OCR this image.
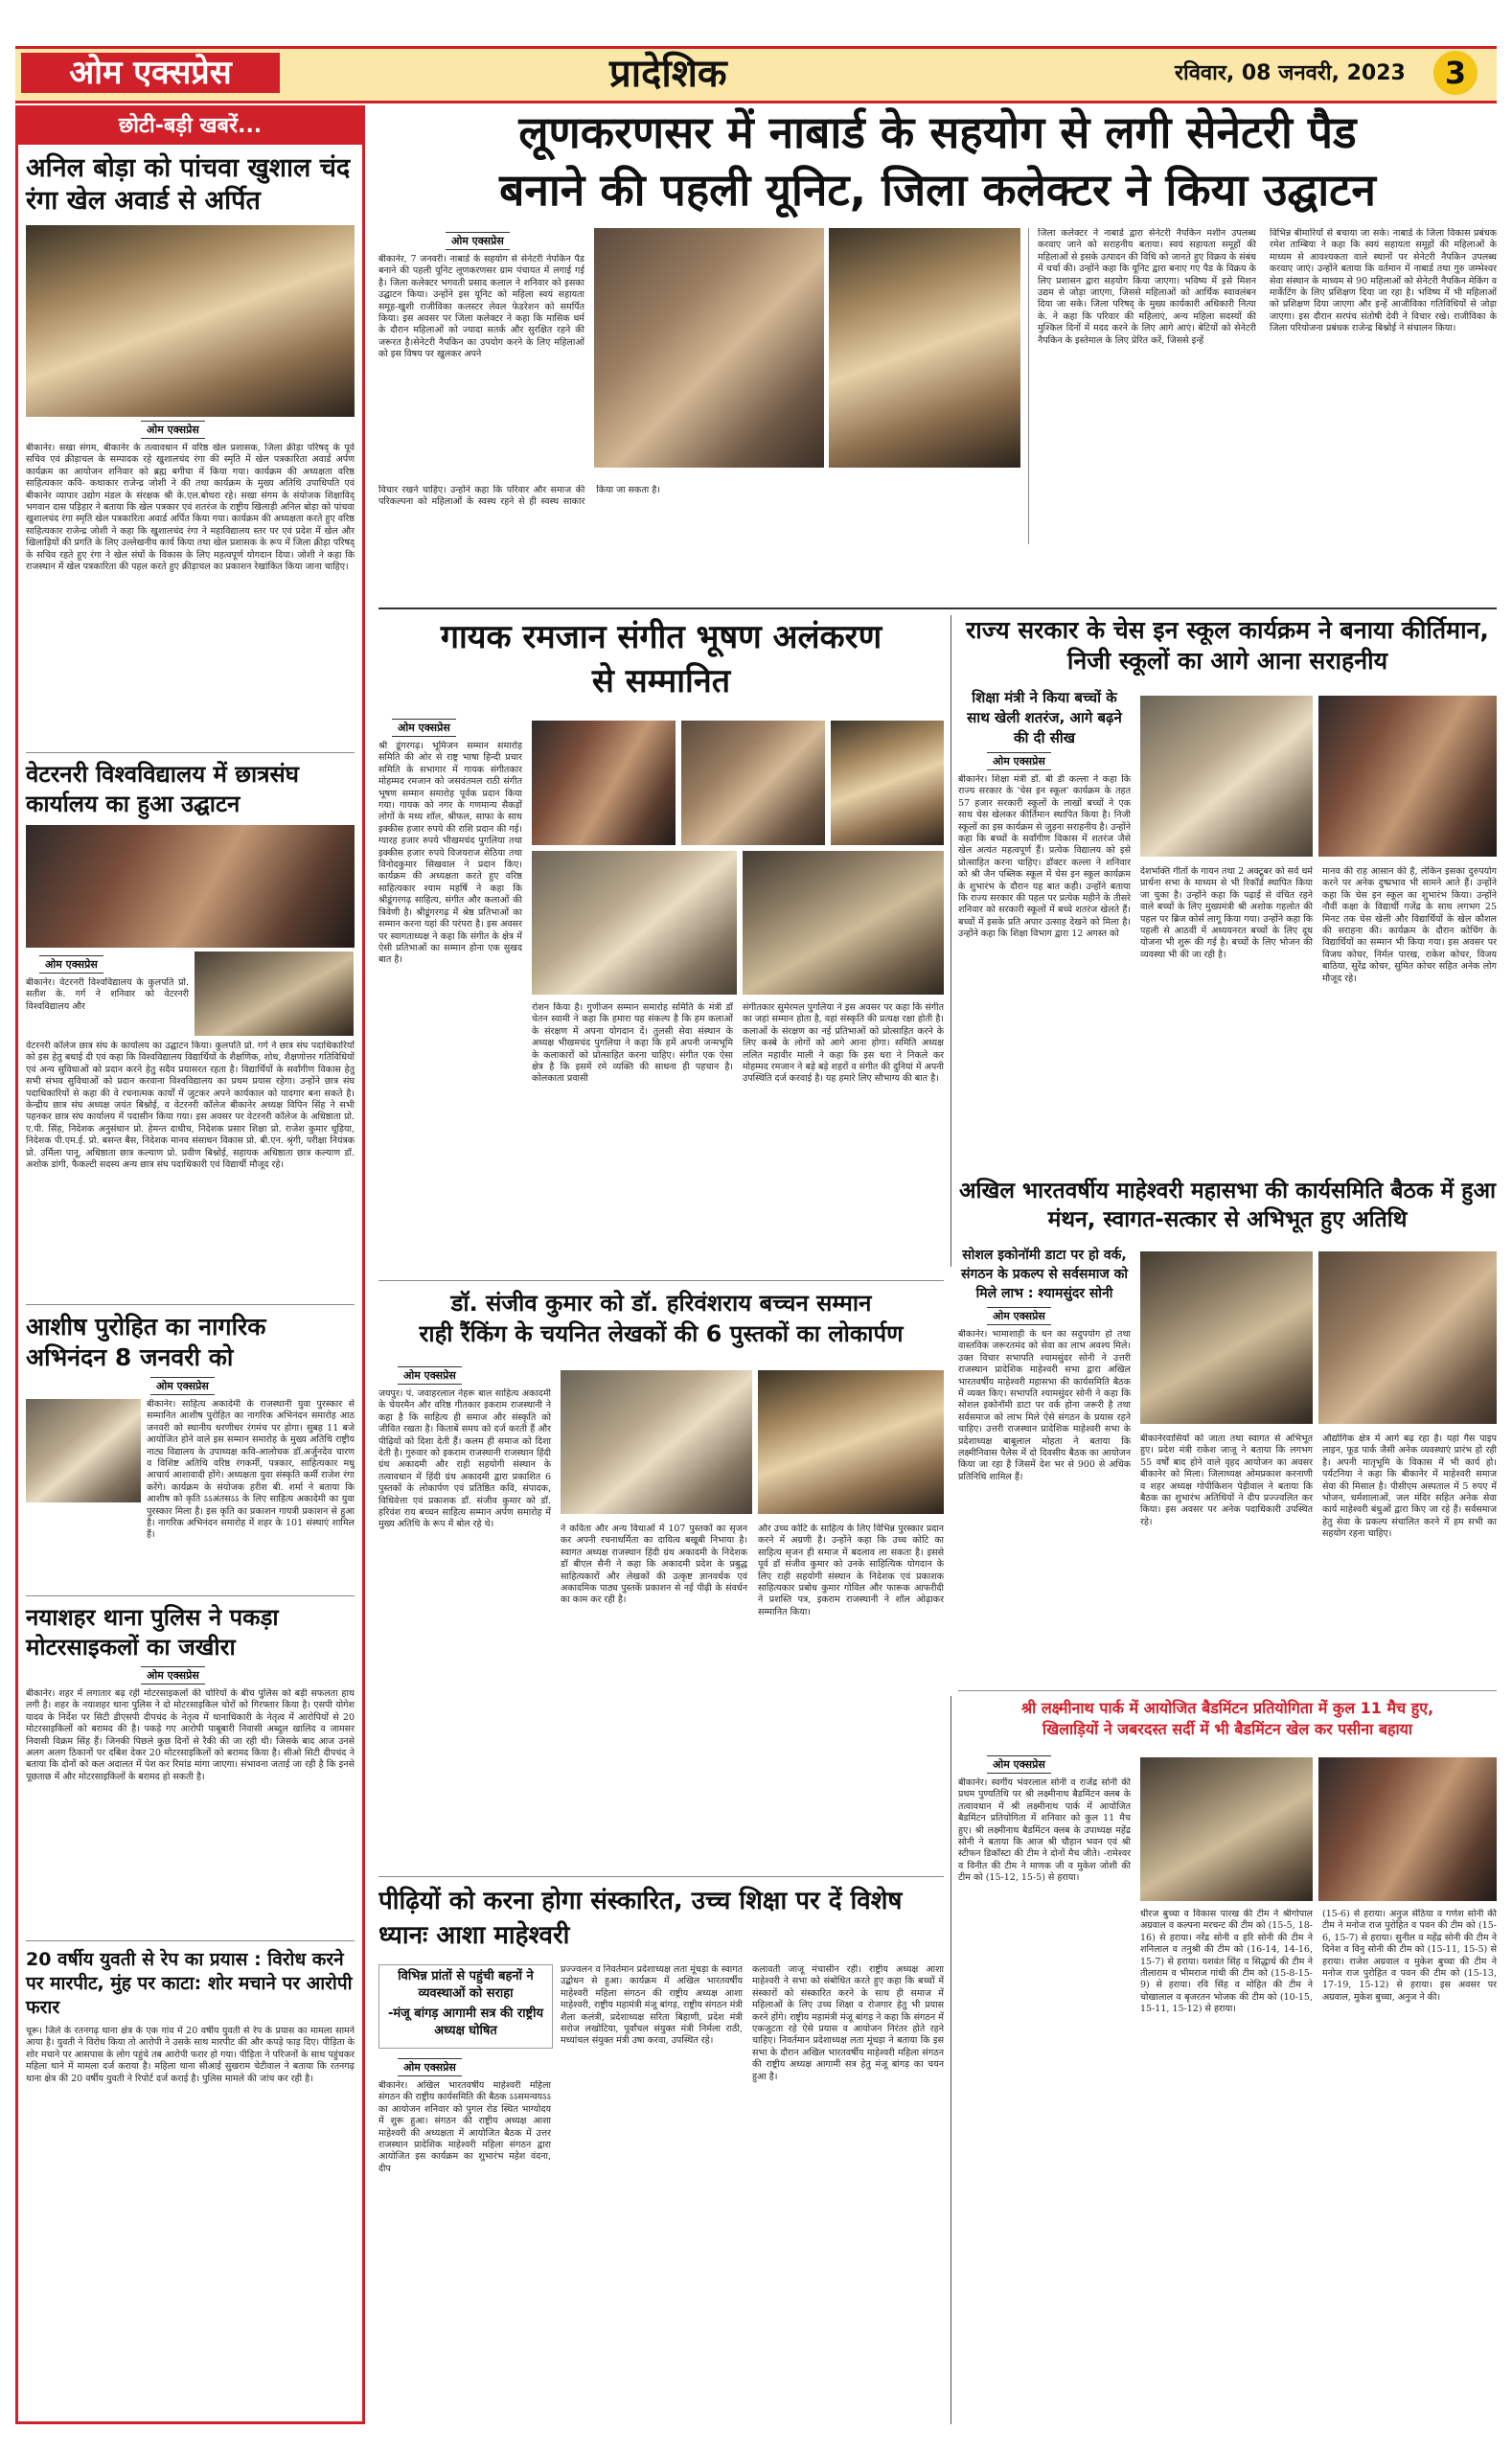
ओम एक्सप्रेस	प्रादेशिक	रविवार, 08 जनवरी, 2023	3
छोटी-बड़ी खबरें...
अनिल बोड़ा को पांचवा खुशाल चंद रंगा खेल अवार्ड से अर्पित
ओम एक्सप्रेस

बीकानेर। सखा संगम, बीकानेर के तत्वावधान में वरिष्ठ खेल प्रशासक, जिला क्रीड़ा परिषद् के पूर्व सचिव एवं क्रीड़ाचल के सम्पादक रहे खुशालचंद रंगा की स्मृति में खेल पत्रकारिता अवार्ड अर्पण कार्यक्रम का आयोजन शनिवार को ब्रह्म बगीचा में किया गया। कार्यक्रम की अध्यक्षता वरिष्ठ साहित्यकार कवि- कथाकार राजेन्द्र जोशी ने की तथा कार्यक्रम के मुख्य अतिथि उपाधिपति एवं बीकानेर व्यापार उद्योग मंडल के संरक्षक श्री के.एल.बोथरा रहे। सखा संगम के संयोजक शिक्षाविद् भगवान दास पड़िहार ने बताया कि खेल पत्रकार एवं शतरंज के राष्ट्रीय खिलाड़ी अनिल बोड़ा को पांचवा खुशालचंद रंगा स्मृति खेल पत्रकारिता अवार्ड अर्पित किया गया। कार्यक्रम की अध्यक्षता करते हुए वरिष्ठ साहित्यकार राजेन्द्र जोशी ने कहा कि खुशालचंद रंगा ने महाविद्यालय स्तर पर एवं प्रदेश में खेल और खिलाड़ियों की प्रगति के लिए उल्लेखनीय कार्य किया तथा खेल प्रशासक के रूप में जिला क्रीड़ा परिषद् के सचिव रहते हुए रंगा ने खेल संघों के विकास के लिए महत्वपूर्ण योगदान दिया। जोशी ने कहा कि राजस्थान में खेल पत्रकारिता की पहल करते हुए क्रीड़ाचल का प्रकाशन रेखांकित किया जाना चाहिए।

वेटरनरी विश्वविद्यालय में छात्रसंघ कार्यालय का हुआ उद्घाटन
ओम एक्सप्रेस

बीकानेर। वेटरनरी विश्वविद्यालय के कुलपति प्रो. सतीश के. गर्ग ने शनिवार को वेटरनरी विश्वविद्यालय और

वेटरनरी कॉलेज छात्र संघ के कार्यालय का उद्घाटन किया। कुलपति प्रो. गर्ग ने छात्र संघ पदाधिकारियों को इस हेतु बधाई दी एवं कहा कि विश्वविद्यालय विद्यार्थियों के शैक्षणिक, शोध, शैक्षणोत्तर गतिविधियों एवं अन्य सुविधाओं को प्रदान करने हेतु सदैव प्रयासरत रहता है। विद्यार्थियों के सर्वांगीण विकास हेतु सभी संभव सुविधाओं को प्रदान करवाना विश्वविद्यालय का प्रथम प्रयास रहेगा। उन्होंने छात्र संघ पदाधिकारियों से कहा की वे रचनात्मक कार्यों में जुटकर अपने कार्यकाल को यादगार बना सकते है। केन्द्रीय छात्र संघ अध्यक्ष जयंत बिश्नोई, व वेटरनरी कॉलेज बीकानेर अध्यक्ष विपिन सिंह ने सभी पहनकर छात्र संघ कार्यालय में पदासीन किया गया। इस अवसर पर वेटरनरी कॉलेज के अधिष्ठाता प्रो. ए.पी. सिंह, निदेशक अनुसंधान प्रो. हेमन्त दाधीच, निदेशक प्रसार शिक्षा प्रो. राजेश कुमार धूड़िया, निदेशक पी.एम.ई. प्रो. बसन्त बैस, निदेशक मानव संसाधन विकास प्रो. बी.एन. श्रृंगी, परीक्षा नियंत्रक प्रो. उर्मिला पानू, अधिष्ठाता छात्र कल्याण प्रो. प्रवीण बिश्नोई, सहायक अधिष्ठाता छात्र कल्याण डॉ. अशोक डांगी, फैकल्टी सदस्य अन्य छात्र संघ पदाधिकारी एवं विद्यार्थी मौजूद रहे।

आशीष पुरोहित का नागरिक अभिनंदन 8 जनवरी को
ओम एक्सप्रेस

बीकानेर। साहित्य अकादेमी के राजस्थानी युवा पुरस्कार से सम्मानित आशीष पुरोहित का नागरिक अभिनंदन समारोह आठ जनवरी को स्थानीय धरणीधर रंगमंच पर होगा। सुबह 11 बजे आयोजित होने वाले इस सम्मान समारोह के मुख्य अतिथि राष्ट्रीय नाट्य विद्यालय के उपाध्यक्ष कवि-आलोचक डॉ.अर्जुनदेव चारण व विशिष्ट अतिथि वरिष्ठ रंगकर्मी, पत्रकार, साहित्यकार मधु आचार्य आशावादी होंगे। अध्यक्षता युवा संस्कृति कर्मी राजेश रंगा करेंगे। कार्यक्रम के संयोजक हरीश बी. शर्मा ने बताया कि आशीष को कृति ऽऽअंतसऽऽ के लिए साहित्य अकादेमी का युवा पुरस्कार मिला है। इस कृति का प्रकाशन गायत्री प्रकाशन से हुआ है। नागरिक अभिनंदन समारोह में शहर के 101 संस्थाएं शामिल हैं।

नयाशहर थाना पुलिस ने पकड़ा मोटरसाइकलों का जखीरा
ओम एक्सप्रेस

बीकानेर। शहर में लगातार बढ़ रही मोटरसाइकलों की चोरियों के बीच पुलिस को बड़ी सफलता हाथ लगी है। शहर के नयाशहर थाना पुलिस ने दो मोटरसाइकिल चोरों को गिरफ्तार किया है। एसपी योगेश यादव के निर्देश पर सिटी डीएसपी दीपचंद के नेतृत्व में थानाधिकारी के नेतृत्व में आरोपियों से 20 मोटरसाइकिलों को बरामद की है। पकड़े गए आरोपी पाबूबारी निवासी अब्दुल खालिद व जामसर निवासी विक्रम सिंह हैं। जिनकी पिछले कुछ दिनों से रैकी की जा रही थी। जिसके बाद आज उनसे अलग अलग ठिकानों पर दबिश देकर 20 मोटरसाइकिलों को बरामद किया है। सीओ सिटी दीपचंद ने बताया कि दोनों को कल अदालत में पेश कर रिमांड मांगा जाएगा। संभावना जताई जा रही है कि इनसे पूछताछ में और मोटरसाइकिलों के बरामद हो सकती है।

20 वर्षीय युवती से रेप का प्रयास : विरोध करने पर मारपीट, मुंह पर काटा: शोर मचाने पर आरोपी फरार

चूरू। जिले के रतनगढ़ थाना क्षेत्र के एक गांव में 20 वर्षीय युवती से रेप के प्रयास का मामला सामने आया है। युवती ने विरोध किया तो आरोपी ने उसके साथ मारपीट की और कपड़े फाड़ दिए। पीड़िता के शोर मचाने पर आसपास के लोग पहुंचे तब आरोपी फरार हो गया। पीड़िता ने परिजनों के साथ पहुंचकर महिला थाने में मामला दर्ज कराया है। महिला थाना सीआई सुखराम चेटीवाल ने बताया कि रतनगढ़ थाना क्षेत्र की 20 वर्षीय युवती ने रिपोर्ट दर्ज कराई है। पुलिस मामले की जांच कर रही है।

लूणकरणसर में नाबार्ड के सहयोग से लगी सेनेटरी पैड
बनाने की पहली यूनिट, जिला कलेक्टर ने किया उद्घाटन
ओम एक्सप्रेस

बीकानेर, 7 जनवरी। नाबार्ड के सहयोग से सेनेटरी नेपकिन पैड बनाने की पहली यूनिट लूणकरणसर ग्राम पंचायत में लगाई गई है। जिला कलेक्टर भगवती प्रसाद कलाल ने शनिवार को इसका उद्घाटन किया। उन्होंने इस यूनिट को महिला स्वयं सहायता समूह-खुशी राजीविका कलस्टर लेवल फेडरेशन को समर्पित किया। इस अवसर पर जिला कलेक्टर ने कहा कि मासिक धर्म के दौरान महिलाओं को ज्यादा सतर्क और सुरक्षित रहने की जरूरत है।सेनेटरी नैपकिन का उपयोग करने के लिए महिलाओं को इस विषय पर खुलकर अपने

विचार रखने चाहिए। उन्होंने कहा कि परिवार और समाज की परिकल्पना को महिलाओं के स्वस्थ रहने से ही स्वस्थ साकार किया जा सकता है।

जिला कलेक्टर ने नाबार्ड द्वारा सेनेटरी नैपकिन मशीन उपलब्ध करवाए जाने को सराहनीय बताया। स्वयं सहायता समूहों की महिलाओं से इसके उत्पादन की विधि को जानते हुए विक्रय के संबंध में चर्चा की। उन्होंने कहा कि यूनिट द्वारा बनाए गए पैड के विक्रय के लिए प्रशासन द्वारा सहयोग किया जाएगा। भविष्य में इसे मिशन उद्यम से जोड़ा जाएगा, जिससे महिलाओं को आर्थिक स्वावलंबन दिया जा सके। जिला परिषद् के मुख्य कार्यकारी अधिकारी नित्या के. ने कहा कि परिवार की महिलाएं, अन्य महिला सदस्यों की मुश्किल दिनों में मदद करने के लिए आगे आएं। बेटियों को सेनेटरी नैपकिन के इस्तेमाल के लिए प्रेरित करें, जिससे इन्हें

विभिन्न बीमारियों से बचाया जा सके। नाबार्ड के जिला विकास प्रबंधक रमेश ताम्बिया ने कहा कि स्वयं सहायता समूहों की महिलाओं के माध्यम से आवश्यकता वाले स्थानों पर सेनेटरी नैपकिन उपलब्ध करवाए जाएं। उन्होंने बताया कि वर्तमान में नाबार्ड तथा गुरु जम्भेश्वर सेवा संस्थान के माध्यम से 90 महिलाओं को सेनेटरी नैपकिन मेकिंग व मार्केटिंग के लिए प्रशिक्षण दिया जा रहा है। भविष्य में भी महिलाओं को प्रशिक्षण दिया जाएगा और इन्हें आजीविका गतिविधियों से जोड़ा जाएगा। इस दौरान सरपंच संतोषी देवी ने विचार रखे। राजीविका के जिला परियोजना प्रबंधक राजेन्द्र बिश्नोई ने संचालन किया।

गायक रमजान संगीत भूषण अलंकरण से सम्मानित
ओम एक्सप्रेस

श्री डूंगरगढ़। भूमिजन सम्मान समारोह समिति की ओर से राष्ट्र भाषा हिन्दी प्रचार समिति के सभागार में गायक संगीतकार मोहम्मद रमजान को जसवंतमल राठी संगीत भूषण सम्मान समारोह पूर्वक प्रदान किया गया। गायक को नगर के गणमान्य सैकड़ों लोगों के मध्य शॉल, श्रीफल, साफा के साथ इक्कीस हजार रुपये की राशि प्रदान की गई। ग्यारह हजार रुपये भीखमचंद पुगलिया तथा इक्कीस हजार रुपये विजयराज सेठिया तथा विनोदकुमार सिखवाल ने प्रदान किए। कार्यक्रम की अध्यक्षता करते हुए वरिष्ठ साहित्यकार श्याम महर्षि ने कहा कि श्रीडूंगरगढ़ साहित्य, संगीत और कलाओं की त्रिवेणी है। श्रीडूंगरगढ़ में श्रेष्ठ प्रतिभाओं का सम्मान करना यहां की परंपरा है। इस अवसर पर स्वागताध्यक्ष ने कहा कि संगीत के क्षेत्र में ऐसी प्रतिभाओं का सम्मान होना एक सुखद बात है।

रोशन किया है। गुणीजन सम्मान समारोह समिति के मंत्री डॉ चेतन स्वामी ने कहा कि हमारा यह संकल्प है कि हम कलाओं के संरक्षण में अपना योगदान दें। तुलसी सेवा संस्थान के अध्यक्ष भीखमचंद पुगलिया ने कहा कि हमें अपनी जन्मभूमि के कलाकारों को प्रोत्साहित करना चाहिए। संगीत एक ऐसा क्षेत्र है कि इसमें रमे व्यक्ति की साधना ही पहचान है। कोलकाता प्रवासी

संगीतकार सुमेरमल पुगलिया ने इस अवसर पर कहा कि संगीत का जहां सम्मान होता है, वहां संस्कृति की प्रत्यक्ष रक्षा होती है। कलाओं के संरक्षण का नई प्रतिभाओं को प्रोत्साहित करने के लिए कस्बे के लोगों को आगे आना होगा। समिति अध्यक्ष ललित महावीर माली ने कहा कि इस धरा ने निकले कर मोहम्मद रमजान ने बड़े बड़े शहरों व संगीत की दुनियां में अपनी उपस्थिति दर्ज करवाई है। यह हमारे लिए सौभाग्य की बात है।

राज्य सरकार के चेस इन स्कूल कार्यक्रम ने बनाया कीर्तिमान, निजी स्कूलों का आगे आना सराहनीय

शिक्षा मंत्री ने किया बच्चों के साथ खेली शतरंज, आगे बढ़ने की दी सीख

ओम एक्सप्रेस

बीकानेर। शिक्षा मंत्री डॉ. बी डी कल्ला ने कहा कि राज्य सरकार के 'चेस इन स्कूल' कार्यक्रम के तहत 57 हजार सरकारी स्कूलों के लाखों बच्चों ने एक साथ चेस खेलकर कीर्तिमान स्थापित किया है। निजी स्कूलों का इस कार्यक्रम से जुड़ना सराहनीय है। उन्होंने कहा कि बच्चों के सर्वांगीण विकास में शतरंज जैसे खेल अत्यंत महत्वपूर्ण हैं। प्रत्येक विद्यालय को इसे प्रोत्साहित करना चाहिए। डॉक्टर कल्ला ने शनिवार को श्री जैन पब्लिक स्कूल में चेस इन स्कूल कार्यक्रम के शुभारंभ के दौरान यह बात कही। उन्होंने बताया कि राज्य सरकार की पहल पर प्रत्येक महीने के तीसरे शनिवार को सरकारी स्कूलों में बच्चे शतरंज खेलते हैं। बच्चों में इसके प्रति अपार उत्साह देखने को मिला है। उन्होंने कहा कि शिक्षा विभाग द्वारा 12 अगस्त को

देशभक्ति गीतों के गायन तथा 2 अक्टूबर को सर्व धर्म प्रार्थना सभा के माध्यम से भी रिकॉर्ड स्थापित किया जा चुका है। उन्होंने कहा कि पढ़ाई से वंचित रहने वाले बच्चों के लिए मुख्यमंत्री श्री अशोक गहलोत की पहल पर ब्रिज कोर्स लागू किया गया। उन्होंने कहा कि पहली से आठवीं में अध्ययनरत बच्चों के लिए दूध योजना भी शुरू की गई है। बच्चों के लिए भोजन की व्यवस्था भी की जा रही है।

मानव की राह आसान की है, लेकिन इसका दुरुपयोग करने पर अनेक दुष्प्रभाव भी सामने आते हैं। उन्होंने कहा कि चेस इन स्कूल का शुभारंभ किया। उन्होंने नौवीं कक्षा के विद्यार्थी गजेंद्र के साथ लगभग 25 मिनट तक चेस खेली और विद्यार्थियों के खेल कौशल की सराहना की। कार्यक्रम के दौरान कोचिंग के विद्यार्थियों का सम्मान भी किया गया। इस अवसर पर विजय कोचर, निर्मल पारख, राकेश कोचर, विजय बाठिया, सुरेंद्र कोचर, सुमित कोचर सहित अनेक लोग मौजूद रहे।

अखिल भारतवर्षीय माहेश्वरी महासभा की कार्यसमिति बैठक में हुआ मंथन, स्वागत-सत्कार से अभिभूत हुए अतिथि

सोशल इकोनॉमी डाटा पर हो वर्क, संगठन के प्रकल्प से सर्वसमाज को मिले लाभ : श्यामसुंदर सोनी

ओम एक्सप्रेस

बीकानेर। भामाशाही के धन का सदुपयोग हो तथा वास्तविक जरूरतमंद को सेवा का लाभ अवश्य मिले। उक्त विचार सभापति श्यामसुंदर सोनी ने उत्तरी राजस्थान प्रादेशिक माहेश्वरी सभा द्वारा अखिल भारतवर्षीय माहेश्वरी महासभा की कार्यसमिति बैठक में व्यक्त किए। सभापति श्यामसुंदर सोनी ने कहा कि सोशल इकोनॉमी डाटा पर वर्क होना जरूरी है तथा सर्वसमाज को लाभ मिले ऐसे संगठन के प्रयास रहने चाहिए। उत्तरी राजस्थान प्रादेशिक माहेश्वरी सभा के प्रदेशाध्यक्ष बाबूलाल मोहता ने बताया कि लक्ष्मीनिवास पैलेस में दो दिवसीय बैठक का आयोजन किया जा रहा है जिसमें देश भर से 900 से अधिक प्रतिनिधि शामिल हैं।

बीकानेरवासियों को जाता तथा स्वागत से अभिभूत हुए। प्रदेश मंत्री राकेश जाजू ने बताया कि लगभग 55 वर्षों बाद होने वाले वृहद आयोजन का अवसर बीकानेर को मिला। जिलाध्यक्ष ओमप्रकाश करनाणी व शहर अध्यक्ष गोपीकिशन पेड़ीवाल ने बताया कि बैठक का शुभारंभ अतिथियों ने दीप प्रज्ज्वलित कर किया। इस अवसर पर अनेक पदाधिकारी उपस्थित रहे।

औद्योगिक क्षेत्र में आगे बढ़ रहा है। यहां गैस पाइप लाइन, फूड पार्क जैसी अनेक व्यवस्थाएं प्रारंभ हो रही है। अपनी मातृभूमि के विकास में भी कार्य हो। पर्यटनिया ने कहा कि बीकानेर में माहेश्वरी समाज सेवा की मिसाल है। पीसीएम अस्पताल में 5 रुपए में भोजन, धर्मशालाओं, जल मंदिर सहित अनेक सेवा कार्य माहेश्वरी बंधुओं द्वारा किए जा रहे हैं। सर्वसमाज हेतु सेवा के प्रकल्प संचालित करने में हम सभी का सहयोग रहना चाहिए।

डॉ. संजीव कुमार को डॉ. हरिवंशराय बच्चन सम्मान
राही रैंकिंग के चयनित लेखकों की 6 पुस्तकों का लोकार्पण
ओम एक्सप्रेस

जयपुर। पं. जवाहरलाल नेहरू बाल साहित्य अकादमी के चेयरमैन और वरिष्ठ गीतकार इकराम राजस्थानी ने कहा है कि साहित्य ही समाज और संस्कृति को जीवित रखता है। किताबें समय को दर्ज करती हैं और पीढ़ियों को दिशा देती हैं। कलम ही समाज को दिशा देती है। गुरुवार को इकराम राजस्थानी राजस्थान हिंदी ग्रंथ अकादमी और राही सहयोगी संस्थान के तत्वावधान में हिंदी ग्रंथ अकादमी द्वारा प्रकाशित 6 पुस्तकों के लोकार्पण एवं प्रतिष्ठित कवि, संपादक, विधिवेत्ता एवं प्रकाशक डॉ. संजीव कुमार को डॉ. हरिवंश राय बच्चन साहित्य सम्मान अर्पण समारोह में मुख्य अतिथि के रूप में बोल रहे थे।	ने कविता और अन्य विधाओं में 107 पुस्तकों का सृजन कर अपनी रचनाधर्मिता का दायित्व बखूबी निभाया है। स्वागत अध्यक्ष राजस्थान हिंदी ग्रंथ अकादमी के निदेशक डॉ बीएल सैनी ने कहा कि अकादमी प्रदेश के प्रबुद्ध साहित्यकारों और लेखकों की उत्कृष्ट ज्ञानवर्धक एवं अकादमिक पाठ्य पुस्तकें प्रकाशन से नई पीढ़ी के संवर्धन का काम कर रही है।

और उच्च कोटि के साहित्य के लिए विभिन्न पुरस्कार प्रदान करने में अग्रणी है। उन्होंने कहा कि उच्च कोटि का साहित्य सृजन ही समाज में बदलाव ला सकता है। इससे पूर्व डॉ संजीव कुमार को उनके साहित्यिक योगदान के लिए राही सहयोगी संस्थान के निदेशक एवं प्रकाशक साहित्यकार प्रबोध कुमार गोविल और फारूक आफरीदी ने प्रशस्ति पत्र, इकराम राजस्थानी ने शॉल ओढ़ाकर सम्मानित किया।

पीढ़ियों को करना होगा संस्कारित, उच्च शिक्षा पर दें विशेष ध्यानः आशा माहेश्वरी

विभिन्न प्रांतों से पहुंची बहनों ने व्यवस्थाओं को सराहा

-मंजू बांगड़ आगामी सत्र की राष्ट्रीय अध्यक्ष घोषित

ओम एक्सप्रेस

बीकानेर। अखिल भारतवर्षीय माहेश्वरी महिला संगठन की राष्ट्रीय कार्यसमिति की बैठक ऽऽसमन्वयऽऽ का आयोजन शनिवार को पुगल रोड स्थित भाग्योदय में शुरू हुआ। संगठन की राष्ट्रीय अध्यक्ष आशा माहेश्वरी की अध्यक्षता में आयोजित बैठक में उत्तर राजस्थान प्रादेशिक माहेश्वरी महिला संगठन द्वारा आयोजित इस कार्यक्रम का शुभारंभ महेश वंदना, दीप

प्रज्ज्वलन व निवर्तमान प्रदेशाध्यक्ष लता मूंधड़ा के स्वागत उद्बोधन से हुआ। कार्यक्रम में अखिल भारतवर्षीय माहेश्वरी महिला संगठन की राष्ट्रीय अध्यक्ष आशा माहेश्वरी, राष्ट्रीय महामंत्री मंजू बांगड़, राष्ट्रीय संगठन मंत्री शैला कलंत्री, प्रदेशाध्यक्ष सरिता बिहाणी, प्रदेश मंत्री सरोज लखोटिया, पूर्वांचल संयुक्त मंत्री निर्मला राठी, मध्यांचल संयुक्त मंत्री उषा करवा, उपस्थित रहे।

कलावती जाजू मंचासीन रही। राष्ट्रीय अध्यक्ष आशा माहेश्वरी ने सभा को संबोधित करते हुए कहा कि बच्चों में संस्कारों को संस्कारित करने के साथ ही समाज में महिलाओं के लिए उच्च शिक्षा व रोजगार हेतु भी प्रयास करने होंगे। राष्ट्रीय महामंत्री मंजू बांगड़ ने कहा कि संगठन में एकजुटता रहे ऐसे प्रयास व आयोजन निरंतर होते रहने चाहिए। निवर्तमान प्रदेशाध्यक्ष लता मूंधड़ा ने बताया कि इस सभा के दौरान अखिल भारतवर्षीय माहेश्वरी महिला संगठन की राष्ट्रीय अध्यक्ष आगामी सत्र हेतु मंजू बांगड़ का चयन हुआ है।

श्री लक्ष्मीनाथ पार्क में आयोजित बैडमिंटन प्रतियोगिता में कुल 11 मैच हुए,
खिलाड़ियों ने जबरदस्त सर्दी में भी बैडमिंटन खेल कर पसीना बहाया
ओम एक्सप्रेस

बीकानेर। स्वर्गीय भंवरलाल सोनी व राजेंद्र सोनी की प्रथम पुण्यतिथि पर श्री लक्ष्मीनाथ बैडमिंटन क्लब के तत्वावधान में श्री लक्ष्मीनाथ पार्क में आयोजित बैडमिंटन प्रतियोगिता में शनिवार को कुल 11 मैच हुए। श्री लक्ष्मीनाथ बैडमिंटन क्लब के उपाध्यक्ष महेंद्र सोनी ने बताया कि आज श्री चौहान भवन एवं श्री स्टीफन डिकॉस्टा की टीम ने दोनों मैच जीते। -रामेश्वर व विनीत की टीम ने माणक जी व मुकेश जोशी की टीम को (15-12, 15-5) से हराया।

धीरज बुच्चा व विकास पारख की टीम ने श्रीगोपाल अग्रवाल व कल्पना मरचन्ट की टीम को (15-5, 18-16) से हराया। नरेंद्र सोनी व हरि सोनी की टीम ने शनिलाल व तनुश्री की टीम को (16-14, 14-16, 15-7) से हराया। यशवंत सिंह व सिद्धार्थ की टीम ने तीलाराम व भीमराज गांधी की टीम को (15-8-15-9) से हराया। रवि सिंह व मोहित की टीम ने चोखालाल व बृजरतन भोजक की टीम को (10-15, 15-11, 15-12) से हराया।

(15-6) से हराया। अनुज सेठिया व गणेश सोनी की टीम ने मनोज राज पुरोहित व पवन की टीम को (15-6, 15-7) से हराया। सुनील व महेंद्र सोनी की टीम ने दिनेश व विनु सोनी की टीम को (15-11, 15-5) से हराया। राजेश अग्रवाल व मुकेश बुच्चा की टीम ने मनोज राज पुरोहित व पवन की टीम को (15-13, 17-19, 15-12) से हराया। इस अवसर पर अग्रवाल, मुकेश बुच्चा, अनुज ने की।
